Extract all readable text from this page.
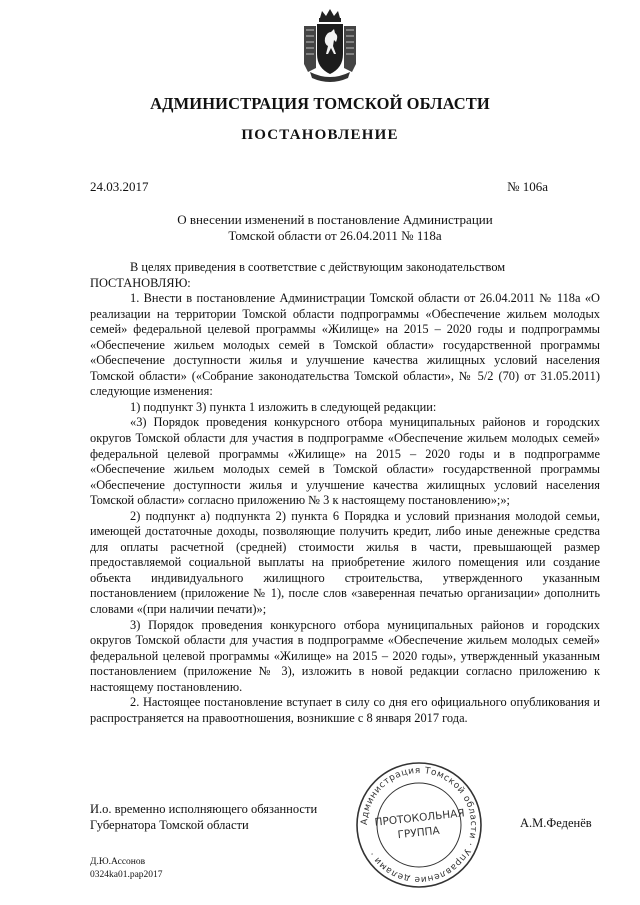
АДМИНИСТРАЦИЯ ТОМСКОЙ ОБЛАСТИ
ПОСТАНОВЛЕНИЕ
24.03.2017	№ 106а
О внесении изменений в постановление Администрации
Томской области от 26.04.2011 № 118а

В целях приведения в соответствие с действующим законодательством

ПОСТАНОВЛЯЮ:

1. Внести в постановление Администрации Томской области от 26.04.2011 № 118а «О реализации на территории Томской области подпрограммы «Обеспечение жильем молодых семей» федеральной целевой программы «Жилище» на 2015 – 2020 годы и подпрограммы «Обеспечение жильем молодых семей в Томской области» государственной программы «Обеспечение доступности жилья и улучшение качества жилищных условий населения Томской области» («Собрание законодательства Томской области», № 5/2 (70) от 31.05.2011) следующие изменения:

1) подпункт 3) пункта 1 изложить в следующей редакции:

«3) Порядок проведения конкурсного отбора муниципальных районов и городских округов Томской области для участия в подпрограмме «Обеспечение жильем молодых семей» федеральной целевой программы «Жилище» на 2015 – 2020 годы и в подпрограмме «Обеспечение жильем молодых семей в Томской области» государственной программы «Обеспечение доступности жилья и улучшение качества жилищных условий населения Томской области» согласно приложению № 3 к настоящему постановлению»;»;

2) подпункт а) подпункта 2) пункта 6 Порядка и условий признания молодой семьи, имеющей достаточные доходы, позволяющие получить кредит, либо иные денежные средства для оплаты расчетной (средней) стоимости жилья в части, превышающей размер предоставляемой социальной выплаты на приобретение жилого помещения или создание объекта индивидуального жилищного строительства, утвержденного указанным постановлением (приложение № 1), после слов «заверенная печатью организации» дополнить словами «(при наличии печати)»;

3) Порядок проведения конкурсного отбора муниципальных районов и городских округов Томской области для участия в подпрограмме «Обеспечение жильем молодых семей» федеральной целевой программы «Жилище» на 2015 – 2020 годы», утвержденный указанным постановлением (приложение № 3), изложить в новой редакции согласно приложению к настоящему постановлению.

2. Настоящее постановление вступает в силу со дня его официального опубликования и распространяется на правоотношения, возникшие с 8 января 2017 года.

И.о. временно исполняющего обязанности
Губернатора Томской области	Администрация Томской области · Управление делами ·
ПРОТОКОЛЬНАЯ
ГРУППА
А.М.Феденёв
Д.Ю.Ассонов
0324ka01.pap2017
